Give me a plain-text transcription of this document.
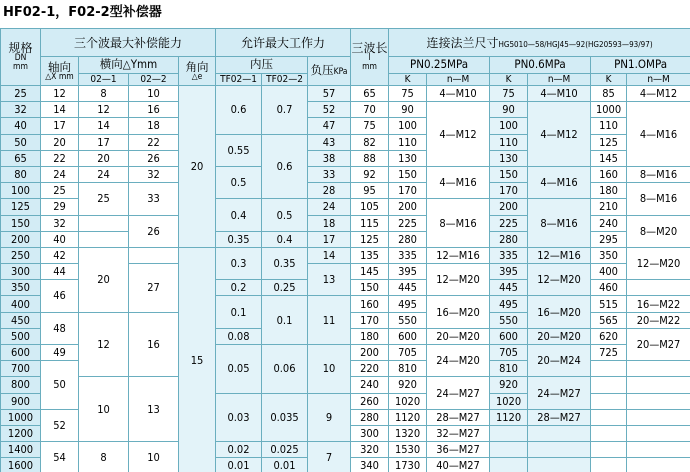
HF02-1，F02-2型补偿器
规格
DN
mm	三个波最大补偿能力				允许最大工作力			三波长
l
mm	连接法兰尺寸HG5010—58/HGJ45—92(HG20593—93/97)					

	轴向
△X mm	横向△Ymm		角向
△e	内压		负压KPa		PN0.25MPa		PN0.6MPa		PN1.OMPa	
		02—1	02—2		TF02—1	TF02—2			K	n—M	K	n—M	K	n—M
25	12	8	10	20	0.6	0.7	57	65	75	4—M10	75	4—M10	85	4—M12
32	14	12	16				52	70	90	4—M12	90	4—M12	1000	4—M16
40	17	14	18				47	75	100		100		110	
50	20	17	22		0.55	0.6	43	82	110		110		125	
65	22	20	26				38	88	130		130		145	
80	24	24	32		0.5		33	92	150	4—M16	150	4—M16	160	8—M16
100	25	25	33				28	95	170		170		180	8—M16
125	29				0.4	0.5	24	105	200	8—M16	200	8—M16	210	
150	32		26				18	115	225		225		240	8—M20
200	40				0.35	0.4	17	125	280		280		295	
250	42	20		15	0.3	0.35	14	135	335	12—M16	335	12—M16	350	12—M20
300	44		27				13	145	395	12—M20	395	12—M20	400	
350	46				0.2	0.25		150	445		445		460	
400					0.1	0.1	11	160	495	16—M20	495	16—M20	515	16—M22
450	48	12	16					170	550		550		565	20—M22
500					0.08			180	600	20—M20	600	20—M20	620	20—M27
600	49				0.05	0.06	10	200	705	24—M20	705	20—M24	725	
700	50							220	810		810			
800		10	13					240	920	24—M27	920	24—M27		
900					0.03	0.035	9	260	1020		1020			
1000	52							280	1120	28—M27	1120	28—M27		
1200								300	1320	32—M27				
1400	54	8	10		0.02	0.025	7	320	1530	36—M27				
1600					0.01	0.01		340	1730	40—M27				
